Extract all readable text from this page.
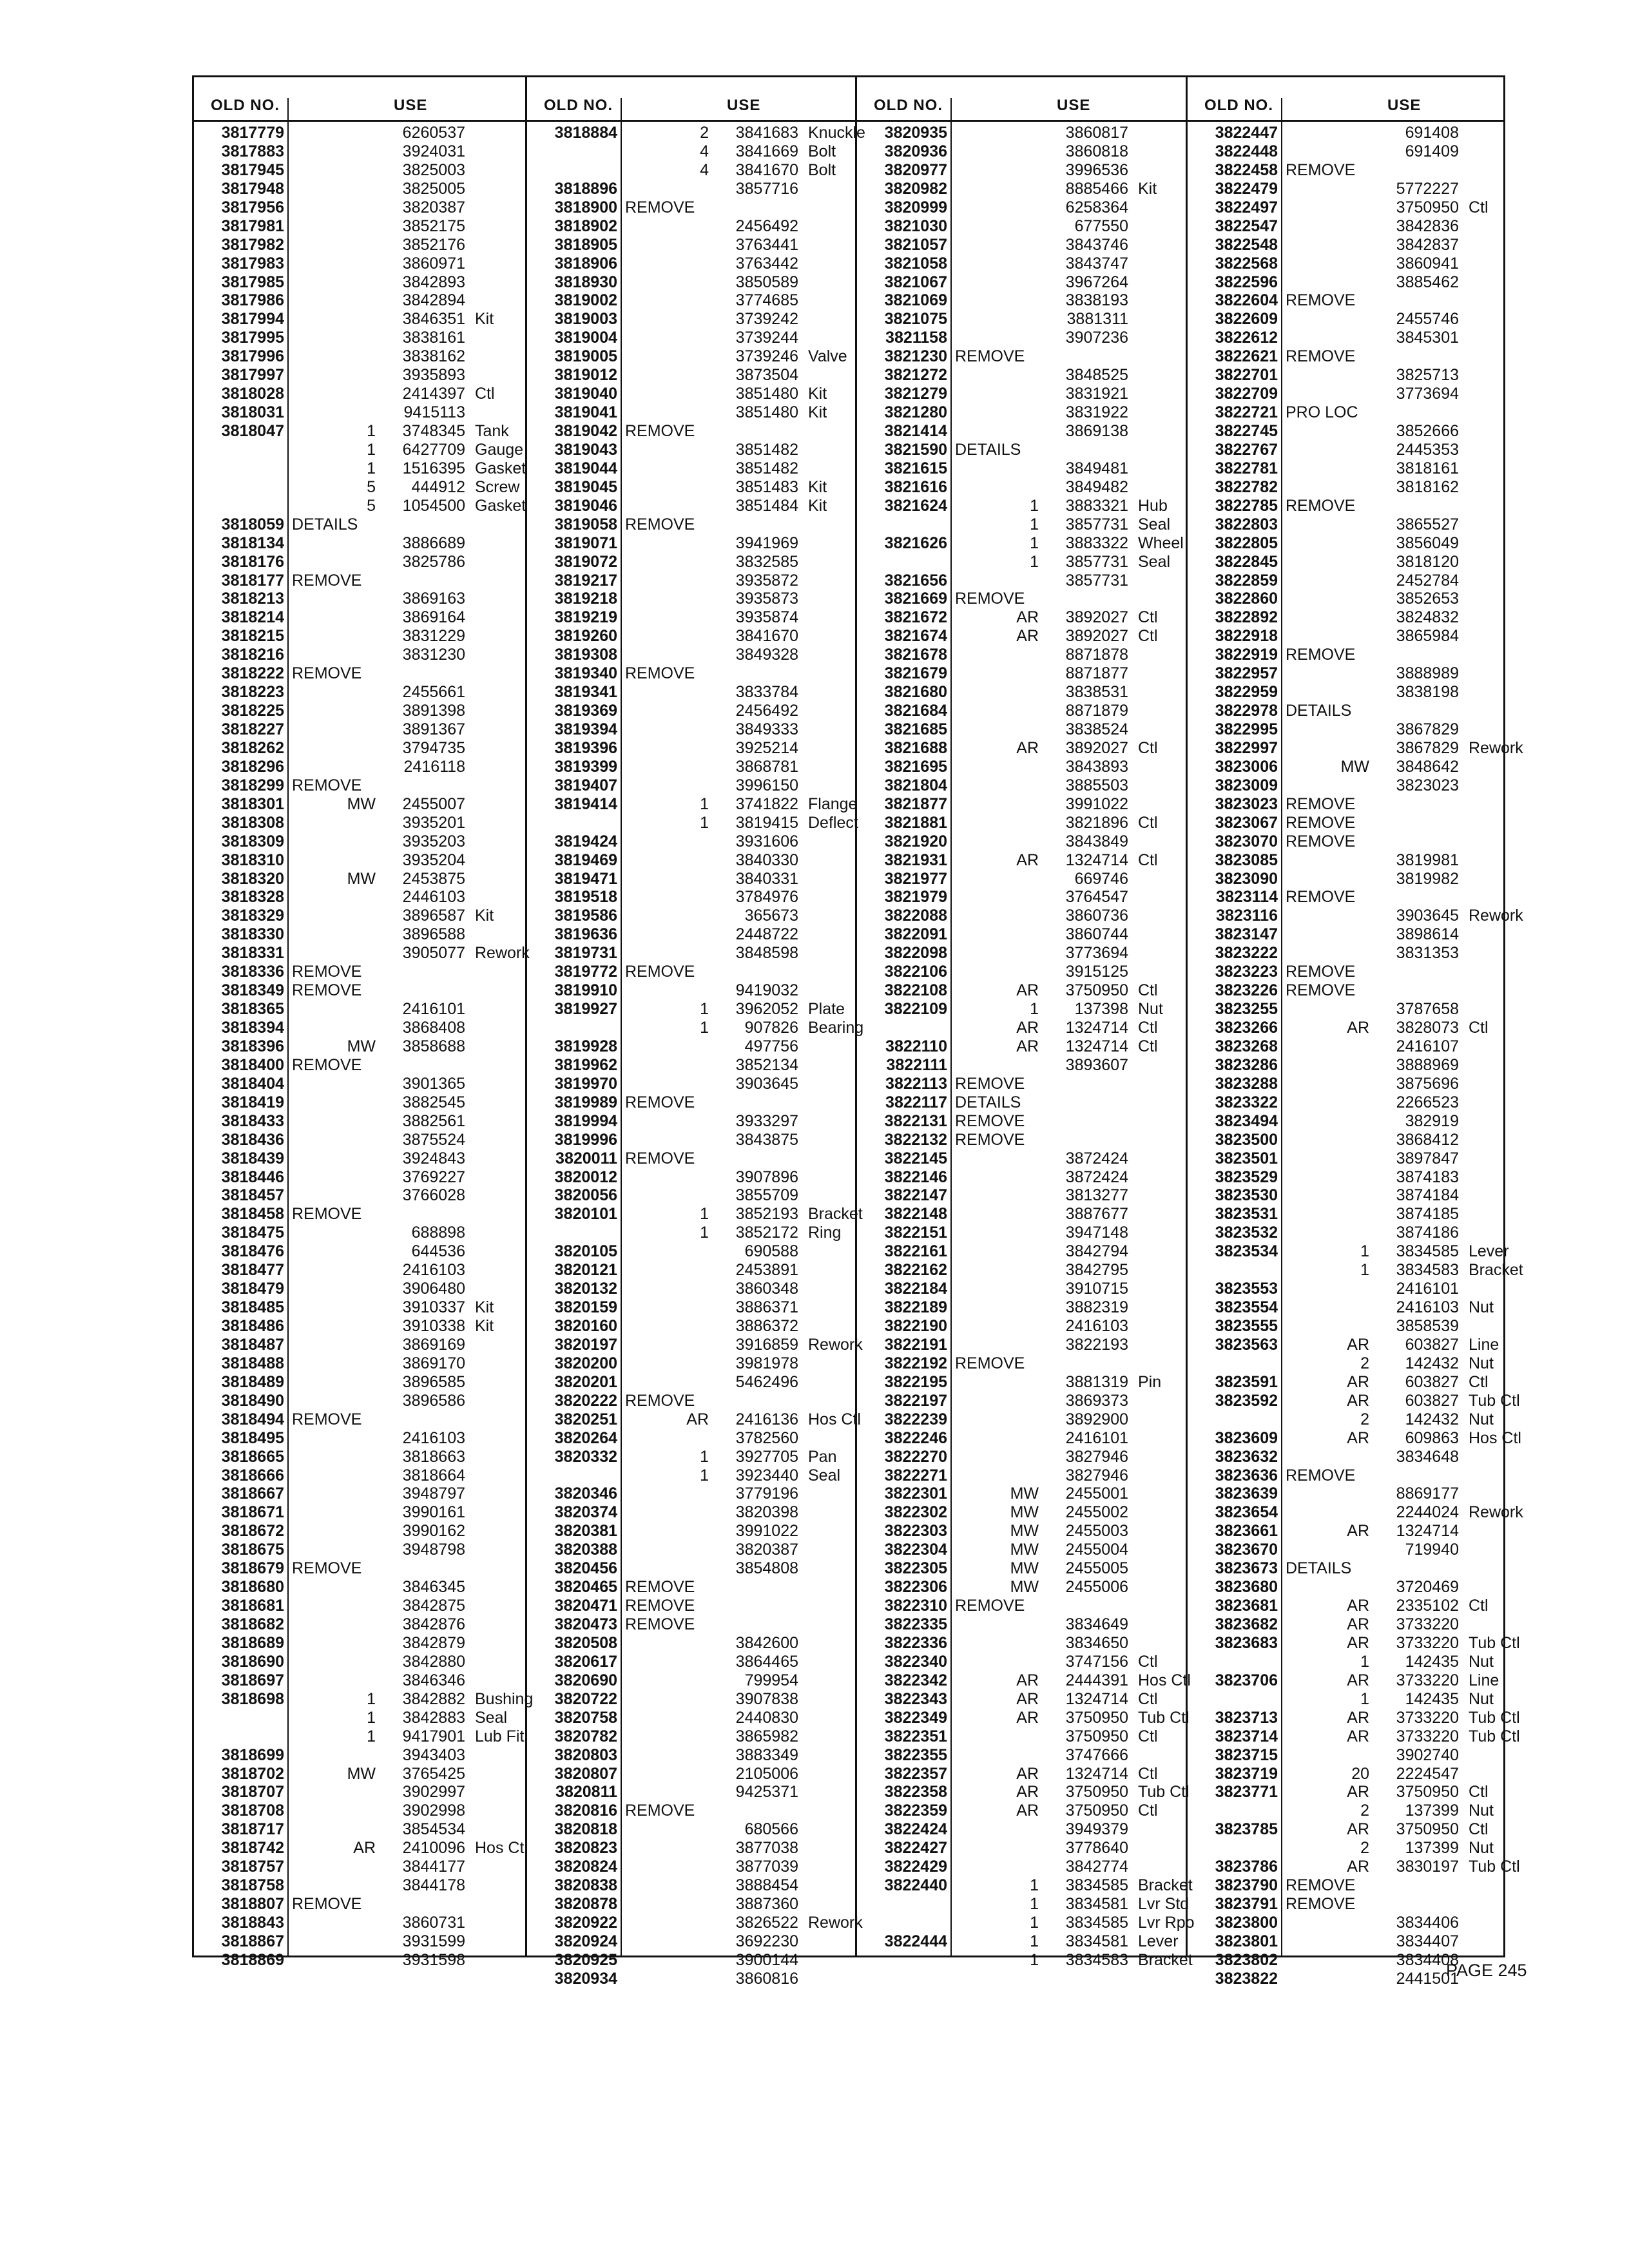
OLD NO.	USE
3817779	6260537
3817883	3924031
3817945	3825003
3817948	3825005
3817956	3820387
3817981	3852175
3817982	3852176
3817983	3860971
3817985	3842893
3817986	3842894
3817994	3846351 Kit
3817995	3838161
3817996	3838162
3817997	3935893
3818028	2414397 Ctl
3818031	9415113
3818047	1	3748345 Tank
1	6427709 Gauge
1	1516395 Gasket
5	444912 Screw
5	1054500 Gasket
3818059 DETAILS
3818134	3886689
3818176	3825786
3818177 REMOVE
3818213	3869163
3818214	3869164
3818215	3831229
3818216	3831230
3818222 REMOVE
3818223	2455661
3818225	3891398
3818227	3891367
3818262	3794735
3818296	2416118
3818299 REMOVE
3818301	MW	2455007
3818308	3935201
3818309	3935203
3818310	3935204
3818320	MW	2453875
3818328	2446103
3818329	3896587 Kit
3818330	3896588
3818331	3905077 Rework
3818336 REMOVE
3818349 REMOVE
3818365	2416101
3818394	3868408
3818396	MW	3858688
3818400 REMOVE
3818404	3901365
3818419	3882545
3818433	3882561
3818436	3875524
3818439	3924843
3818446	3769227
3818457	3766028
3818458 REMOVE
3818475	688898
3818476	644536
3818477	2416103
3818479	3906480
3818485	3910337 Kit
3818486	3910338 Kit
3818487	3869169
3818488	3869170
3818489	3896585
3818490	3896586
3818494 REMOVE
3818495	2416103
3818665	3818663
3818666	3818664
3818667	3948797
3818671	3990161
3818672	3990162
3818675	3948798
3818679 REMOVE
3818680	3846345
3818681	3842875
3818682	3842876
3818689	3842879
3818690	3842880
3818697	3846346
3818698	1	3842882 Bushing
1	3842883 Seal
1	9417901 Lub Fit
3818699	3943403
3818702	MW	3765425
3818707	3902997
3818708	3902998
3818717	3854534
3818742	AR	2410096 Hos Ctl
3818757	3844177
3818758	3844178
3818807 REMOVE
3818843	3860731
3818867	3931599
3818869	3931598
OLD NO.	USE
3818884	2	3841683 Knuckle
4	3841669 Bolt
4	3841670 Bolt
3818896	3857716
3818900 REMOVE
3818902	2456492
3818905	3763441
3818906	3763442
3818930	3850589
3819002	3774685
3819003	3739242
3819004	3739244
3819005	3739246 Valve
3819012	3873504
3819040	3851480 Kit
3819041	3851480 Kit
3819042 REMOVE
3819043	3851482
3819044	3851482
3819045	3851483 Kit
3819046	3851484 Kit
3819058 REMOVE
3819071	3941969
3819072	3832585
3819217	3935872
3819218	3935873
3819219	3935874
3819260	3841670
3819308	3849328
3819340 REMOVE
3819341	3833784
3819369	2456492
3819394	3849333
3819396	3925214
3819399	3868781
3819407	3996150
3819414	1	3741822 Flange
1	3819415 Deflect
3819424	3931606
3819469	3840330
3819471	3840331
3819518	3784976
3819586	365673
3819636	2448722
3819731	3848598
3819772 REMOVE
3819910	9419032
3819927	1	3962052 Plate
1	907826 Bearing
3819928	497756
3819962	3852134
3819970	3903645
3819989 REMOVE
3819994	3933297
3819996	3843875
3820011 REMOVE
3820012	3907896
3820056	3855709
3820101	1	3852193 Bracket
1	3852172 Ring
3820105	690588
3820121	2453891
3820132	3860348
3820159	3886371
3820160	3886372
3820197	3916859 Rework
3820200	3981978
3820201	5462496
3820222 REMOVE
3820251	AR	2416136 Hos Ctl
3820264	3782560
3820332	1	3927705 Pan
1	3923440 Seal
3820346	3779196
3820374	3820398
3820381	3991022
3820388	3820387
3820456	3854808
3820465 REMOVE
3820471 REMOVE
3820473 REMOVE
3820508	3842600
3820617	3864465
3820690	799954
3820722	3907838
3820758	2440830
3820782	3865982
3820803	3883349
3820807	2105006
3820811	9425371
3820816 REMOVE
3820818	680566
3820823	3877038
3820824	3877039
3820838	3888454
3820878	3887360
3820922	3826522 Rework
3820924	3692230
3820925	3900144
3820934	3860816
OLD NO.	USE
3820935	3860817
3820936	3860818
3820977	3996536
3820982	8885466 Kit
3820999	6258364
3821030	677550
3821057	3843746
3821058	3843747
3821067	3967264
3821069	3838193
3821075	3881311
3821158	3907236
3821230 REMOVE
3821272	3848525
3821279	3831921
3821280	3831922
3821414	3869138
3821590 DETAILS
3821615	3849481
3821616	3849482
3821624	1	3883321 Hub
1	3857731 Seal
3821626	1	3883322 Wheel
1	3857731 Seal
3821656	3857731
3821669 REMOVE
3821672	AR	3892027 Ctl
3821674	AR	3892027 Ctl
3821678	8871878
3821679	8871877
3821680	3838531
3821684	8871879
3821685	3838524
3821688	AR	3892027 Ctl
3821695	3843893
3821804	3885503
3821877	3991022
3821881	3821896 Ctl
3821920	3843849
3821931	AR	1324714 Ctl
3821977	669746
3821979	3764547
3822088	3860736
3822091	3860744
3822098	3773694
3822106	3915125
3822108	AR	3750950 Ctl
3822109	1	137398 Nut
AR	1324714 Ctl
3822110	AR	1324714 Ctl
3822111	3893607
3822113 REMOVE
3822117 DETAILS
3822131 REMOVE
3822132 REMOVE
3822145	3872424
3822146	3872424
3822147	3813277
3822148	3887677
3822151	3947148
3822161	3842794
3822162	3842795
3822184	3910715
3822189	3882319
3822190	2416103
3822191	3822193
3822192 REMOVE
3822195	3881319 Pin
3822197	3869373
3822239	3892900
3822246	2416101
3822270	3827946
3822271	3827946
3822301	MW	2455001
3822302	MW	2455002
3822303	MW	2455003
3822304	MW	2455004
3822305	MW	2455005
3822306	MW	2455006
3822310 REMOVE
3822335	3834649
3822336	3834650
3822340	3747156 Ctl
3822342	AR	2444391 Hos Ctl
3822343	AR	1324714 Ctl
3822349	AR	3750950 Tub Ctl
3822351	3750950 Ctl
3822355	3747666
3822357	AR	1324714 Ctl
3822358	AR	3750950 Tub Ctl
3822359	AR	3750950 Ctl
3822424	3949379
3822427	3778640
3822429	3842774
3822440	1	3834585 Bracket
1	3834581 Lvr Std
1	3834585 Lvr Rpo
3822444	1	3834581 Lever
1	3834583 Bracket
OLD NO.	USE
3822447	691408
3822448	691409
3822458 REMOVE
3822479	5772227
3822497	3750950 Ctl
3822547	3842836
3822548	3842837
3822568	3860941
3822596	3885462
3822604 REMOVE
3822609	2455746
3822612	3845301
3822621 REMOVE
3822701	3825713
3822709	3773694
3822721 PRO LOC
3822745	3852666
3822767	2445353
3822781	3818161
3822782	3818162
3822785 REMOVE
3822803	3865527
3822805	3856049
3822845	3818120
3822859	2452784
3822860	3852653
3822892	3824832
3822918	3865984
3822919 REMOVE
3822957	3888989
3822959	3838198
3822978 DETAILS
3822995	3867829
3822997	3867829 Rework
3823006	MW	3848642
3823009	3823023
3823023 REMOVE
3823067 REMOVE
3823070 REMOVE
3823085	3819981
3823090	3819982
3823114 REMOVE
3823116	3903645 Rework
3823147	3898614
3823222	3831353
3823223 REMOVE
3823226 REMOVE
3823255	3787658
3823266	AR	3828073 Ctl
3823268	2416107
3823286	3888969
3823288	3875696
3823322	2266523
3823494	382919
3823500	3868412
3823501	3897847
3823529	3874183
3823530	3874184
3823531	3874185
3823532	3874186
3823534	1	3834585 Lever
1	3834583 Bracket
3823553	2416101
3823554	2416103 Nut
3823555	3858539
3823563	AR	603827 Line
2	142432 Nut
3823591	AR	603827 Ctl
3823592	AR	603827 Tub Ctl
2	142432 Nut
3823609	AR	609863 Hos Ctl
3823632	3834648
3823636 REMOVE
3823639	8869177
3823654	2244024 Rework
3823661	AR	1324714
3823670	719940
3823673 DETAILS
3823680	3720469
3823681	AR	2335102 Ctl
3823682	AR	3733220
3823683	AR	3733220 Tub Ctl
1	142435 Nut
3823706	AR	3733220 Line
1	142435 Nut
3823713	AR	3733220 Tub Ctl
3823714	AR	3733220 Tub Ctl
3823715	3902740
3823719	20	2224547
3823771	AR	3750950 Ctl
2	137399 Nut
3823785	AR	3750950 Ctl
2	137399 Nut
3823786	AR	3830197 Tub Ctl
3823790 REMOVE
3823791 REMOVE
3823800	3834406
3823801	3834407
3823802	3834408
3823822	2441501
PAGE 245
